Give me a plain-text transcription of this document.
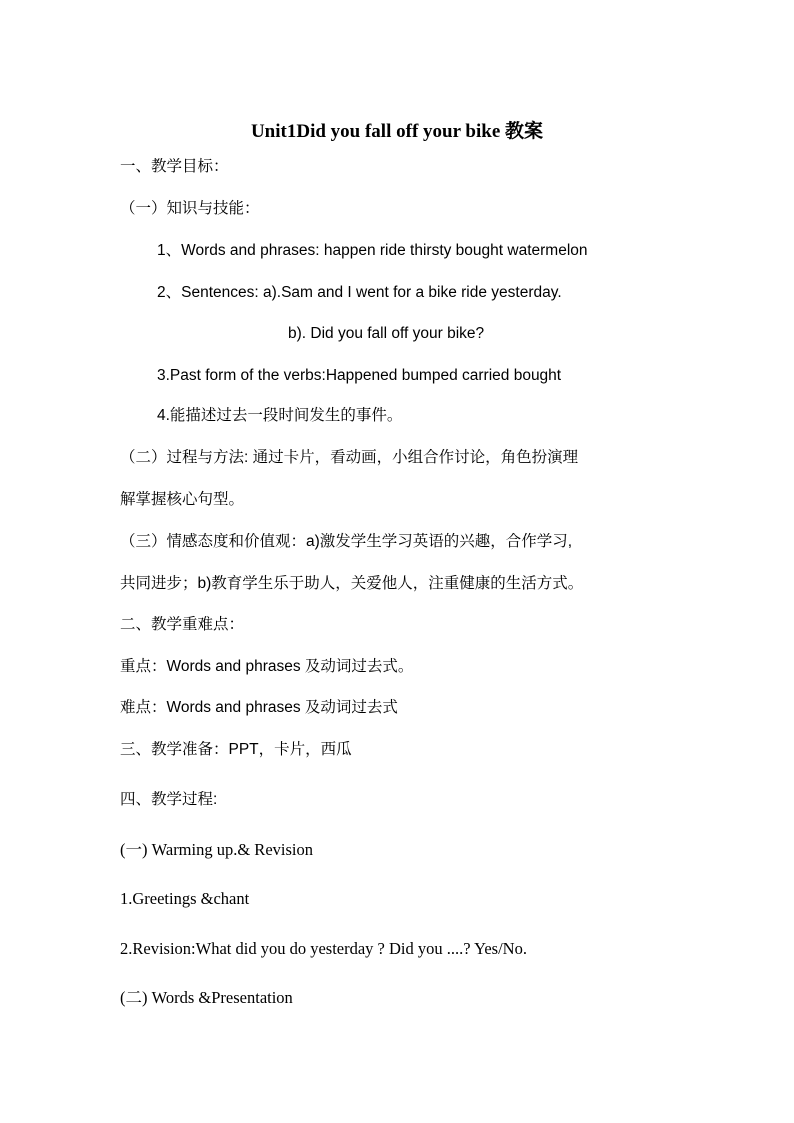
Unit1Did you fall off your bike 教案
一、教学目标：
（一）知识与技能：
1、Words and phrases: happen ride thirsty bought watermelon
2、Sentences: a).Sam and I went for a bike ride yesterday.
b). Did you fall off your bike?
3.Past form of the verbs:Happened bumped carried bought
4.能描述过去一段时间发生的事件。
（二）过程与方法: 通过卡片，看动画，小组合作讨论，角色扮演理
解掌握核心句型。
（三）情感态度和价值观：a)激发学生学习英语的兴趣，合作学习,
共同进步；b)教育学生乐于助人，关爱他人，注重健康的生活方式。
二、教学重难点：
重点：Words and phrases 及动词过去式。
难点：Words and phrases 及动词过去式
三、教学准备：PPT，卡片，西瓜
四、教学过程:
(一) Warming up.& Revision
1.Greetings &chant
2.Revision:What did you do yesterday ? Did you ....? Yes/No.
(二) Words &Presentation
